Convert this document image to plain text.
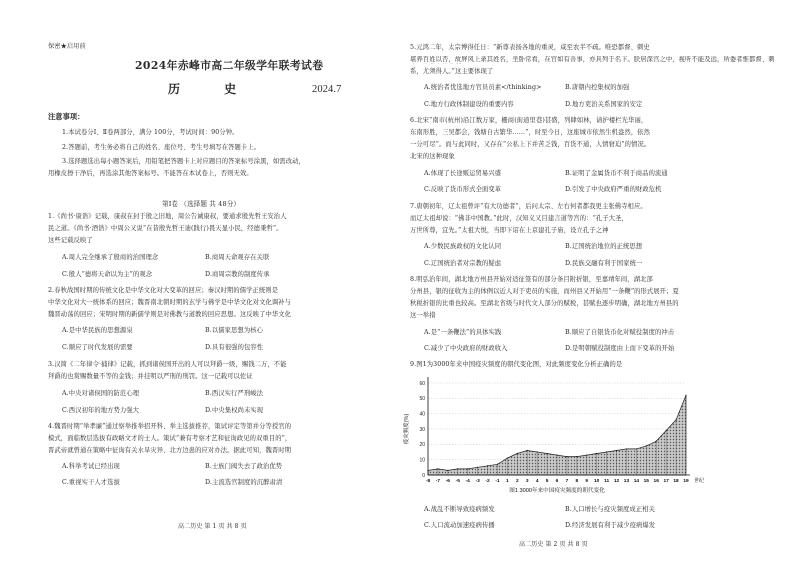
保密★启用前
2024年赤峰市高二年级学年联考试卷
历 史	2024.7
注意事项：
1.本试卷分Ⅰ、Ⅱ卷两部分，满分 100分，考试时间：90分钟。
2.答题前，考生务必将自己的姓名、座位号、考生号填写在答题卡上。
3.选择题选出每小题答案后，用铅笔把答题卡上对应题目的答案标号涂黑，如需改动，
用橡皮擦干净后，再选涂其他答案标号。不能答在本试卷上，否则无效。
第Ⅰ卷 （选择题 共 48分）
1.《尚书·康诰》记载，康叔在封于殷之旧地，周公告诫康叔，要通求殷先哲王安治人
民之道。《尚书·酒诰》中周公又说“在昔殷先哲王迪(践行)畏天显小民，经德秉哲”。
这些记载反映了
A.周人完全继承了殷商的治国理念	B.商周天命观存在关联
C.殷人“德将天命以为主”的观念	D.商周宗教的制度传承
2.春秋战国时期的传统文化是中华文化对大变革的回应；秦汉时期的儒学正统则是
中华文化对大一统体系的回应；魏晋南北朝时期的玄学与佛学是中华文化对文化调补与
魏晋动荡的回应；宋明时期的新儒学则是对佛教与道教的回应思想。这反映了中华文化
A.是中华民族的思想源泉	B.以儒家思想为核心
C.顺应了时代发展的需要	D.具有很强的包容性
3.汉简《二年律令·捕律》记载，抓到诸侯国开出的人可以拜爵一级，赐钱二万，不能
拜爵的也赏赐数量不等的金钱；并挂明以严刑的刑罚。这一记载可以佐证
A.中央对诸侯国的防范心理	B.西汉实行严刑峻法
C.西汉初年的地方势力强大	D.中央集权尚未实现
4.魏晋时期“举孝廉”通过察举推举招开科、举主选拔推荐，策试评定等第并分等授官的
模式，面临数层选拔有政略文才的士人。策试“兼有考察才艺和征询政见的双重目的”，
晋武帝就曾通在策略中征询有关水旱灾异、北方边患的应对办法。据此可知，魏晋时期
A.科举考试已经出现	B.士族门阀失去了政治优势
C.重视实干人才选拔	D.主流选官制度的沉醉肃清
高二历史 第 1 页 共 8 页
5.元鸿二年，太宗博得任日：“新尊表扬各地的重灵，咸至农半不疏。唯恐都督、刺史
堪养百姓以否，故屏风上录其姓名，坐卧常看，在官如有善事，亦具列于名下。朕居深宫之中，视听不能及远，所委者惟都督、刺
系，尤须得人。”这主要体现了
A.统治者优选地方官员员素</thinking>	B.唐朝内控集权的加强
C.地方行政体制建设的重要内容	D.地方吏治关系国家的安定
6.北宋“南市(杭州)沿江数万家，栅商(街道里巷)甚盛，列肆如林，请护楼栏光华丽，
东南形胜，三吴都会，钱塘自古繁华……”，时至今日，这座城市依然生机盎然，依然
一分可尽”。而与此同时，又存在“公私上下并苦乏钱，百货不通，人情窘迫”的情况。
北宋的这种现象
A.体现了长途贩运贸易兴盛	B.证明了金属货币不利于商品的流通
C.反映了货币形式全面变革	D.引发了中央政府严重的财政危机
7.唐朝初年，辽太祖曾评“有大功德者”，后问太宗、左右何者都我更主张佛寺相应。
而辽太祖却说：“佛非中国教。”此时，汉知义又目建言道等宫的：“孔子大圣，
万世所尊，宜先。”太祖大悦，当即下诏在上京建孔子庙，设立孔子之神
A.少数民族政权的文化认同	B.辽国统治地位的正统思想
C.辽国统治者对宗教的疑虑	D.民族交融有利于国家统一
8.明弘治年间，湖北地方州县开始对适征签有的部分条目附折银，至嘉靖年间，湖北部
分州县，银的征收为主的体例以近人对于吏员的实施，而州县又开始用“一条鞭”的形式展开；夏
秋税折银的比重也较高。至湖北省级与时代文人部分的赋税，甚赋也逐步明确，湖北地方州县的
这一举措
A.是“一条鞭法”的具体实践	B.顺应了自银货币化对赋役制度的冲击
C.减少了中央政府的财政收入	D.是明朝赋役制度由上而下变革的开始
9.图1为3000年来中国疫灾频度的朝代变化图，对此频度变化分析正确的是
A.战乱不断导致疫病频发	B.人口增长与疫灾频度成正相关
C.人口流动加速疫病传播	D.经济发展有利于减少疫病爆发
高二历史 第 2 页 共 8 页
0
10
20
30
40
50
60
-8 -7 -6 -5 -4 -3 -2 -1 1 2 3 4 5 6 7 8 9 10 11 12 13 14 15 16 17 18 19 世纪
疫灾频度(%)
图1 3000年来中国疫灾频度的朝代变化
